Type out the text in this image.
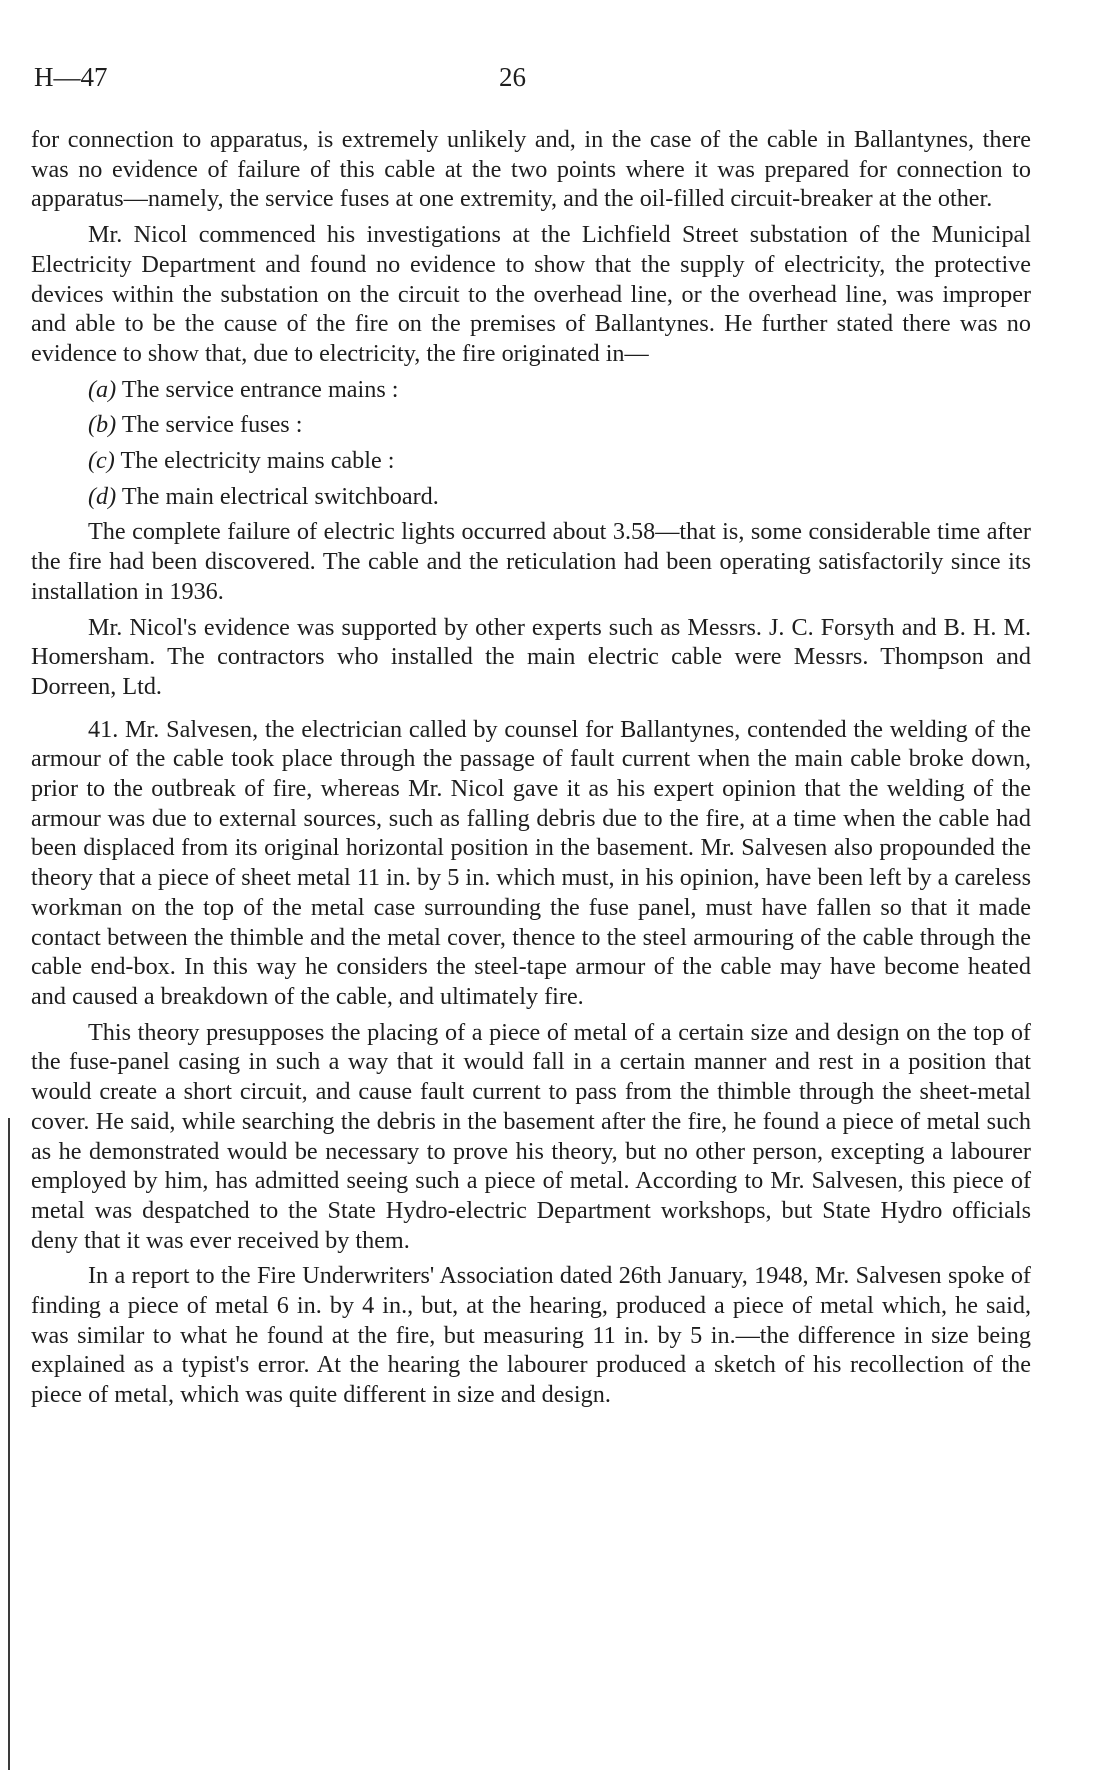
H—47	26

for connection to apparatus, is extremely unlikely and, in the case of the cable in Ballantynes, there was no evidence of failure of this cable at the two points where it was prepared for connection to apparatus—namely, the service fuses at one extremity, and the oil-filled circuit-breaker at the other.

Mr. Nicol commenced his investigations at the Lichfield Street substation of the Municipal Electricity Department and found no evidence to show that the supply of electricity, the protective devices within the substation on the circuit to the overhead line, or the overhead line, was improper and able to be the cause of the fire on the premises of Ballantynes. He further stated there was no evidence to show that, due to electricity, the fire originated in—

(a) The service entrance mains :

(b) The service fuses :

(c) The electricity mains cable :

(d) The main electrical switchboard.

The complete failure of electric lights occurred about 3.58—that is, some considerable time after the fire had been discovered. The cable and the reticulation had been operating satisfactorily since its installation in 1936.

Mr. Nicol's evidence was supported by other experts such as Messrs. J. C. Forsyth and B. H. M. Homersham. The contractors who installed the main electric cable were Messrs. Thompson and Dorreen, Ltd.

41. Mr. Salvesen, the electrician called by counsel for Ballantynes, contended the welding of the armour of the cable took place through the passage of fault current when the main cable broke down, prior to the outbreak of fire, whereas Mr. Nicol gave it as his expert opinion that the welding of the armour was due to external sources, such as falling debris due to the fire, at a time when the cable had been displaced from its original horizontal position in the basement. Mr. Salvesen also propounded the theory that a piece of sheet metal 11 in. by 5 in. which must, in his opinion, have been left by a careless workman on the top of the metal case surrounding the fuse panel, must have fallen so that it made contact between the thimble and the metal cover, thence to the steel armouring of the cable through the cable end-box. In this way he considers the steel-tape armour of the cable may have become heated and caused a breakdown of the cable, and ultimately fire.

This theory presupposes the placing of a piece of metal of a certain size and design on the top of the fuse-panel casing in such a way that it would fall in a certain manner and rest in a position that would create a short circuit, and cause fault current to pass from the thimble through the sheet-metal cover. He said, while searching the debris in the basement after the fire, he found a piece of metal such as he demonstrated would be necessary to prove his theory, but no other person, excepting a labourer employed by him, has admitted seeing such a piece of metal. According to Mr. Salvesen, this piece of metal was despatched to the State Hydro-electric Department workshops, but State Hydro officials deny that it was ever received by them.

In a report to the Fire Underwriters' Association dated 26th January, 1948, Mr. Salvesen spoke of finding a piece of metal 6 in. by 4 in., but, at the hearing, produced a piece of metal which, he said, was similar to what he found at the fire, but measuring 11 in. by 5 in.—the difference in size being explained as a typist's error. At the hearing the labourer produced a sketch of his recollection of the piece of metal, which was quite different in size and design.
